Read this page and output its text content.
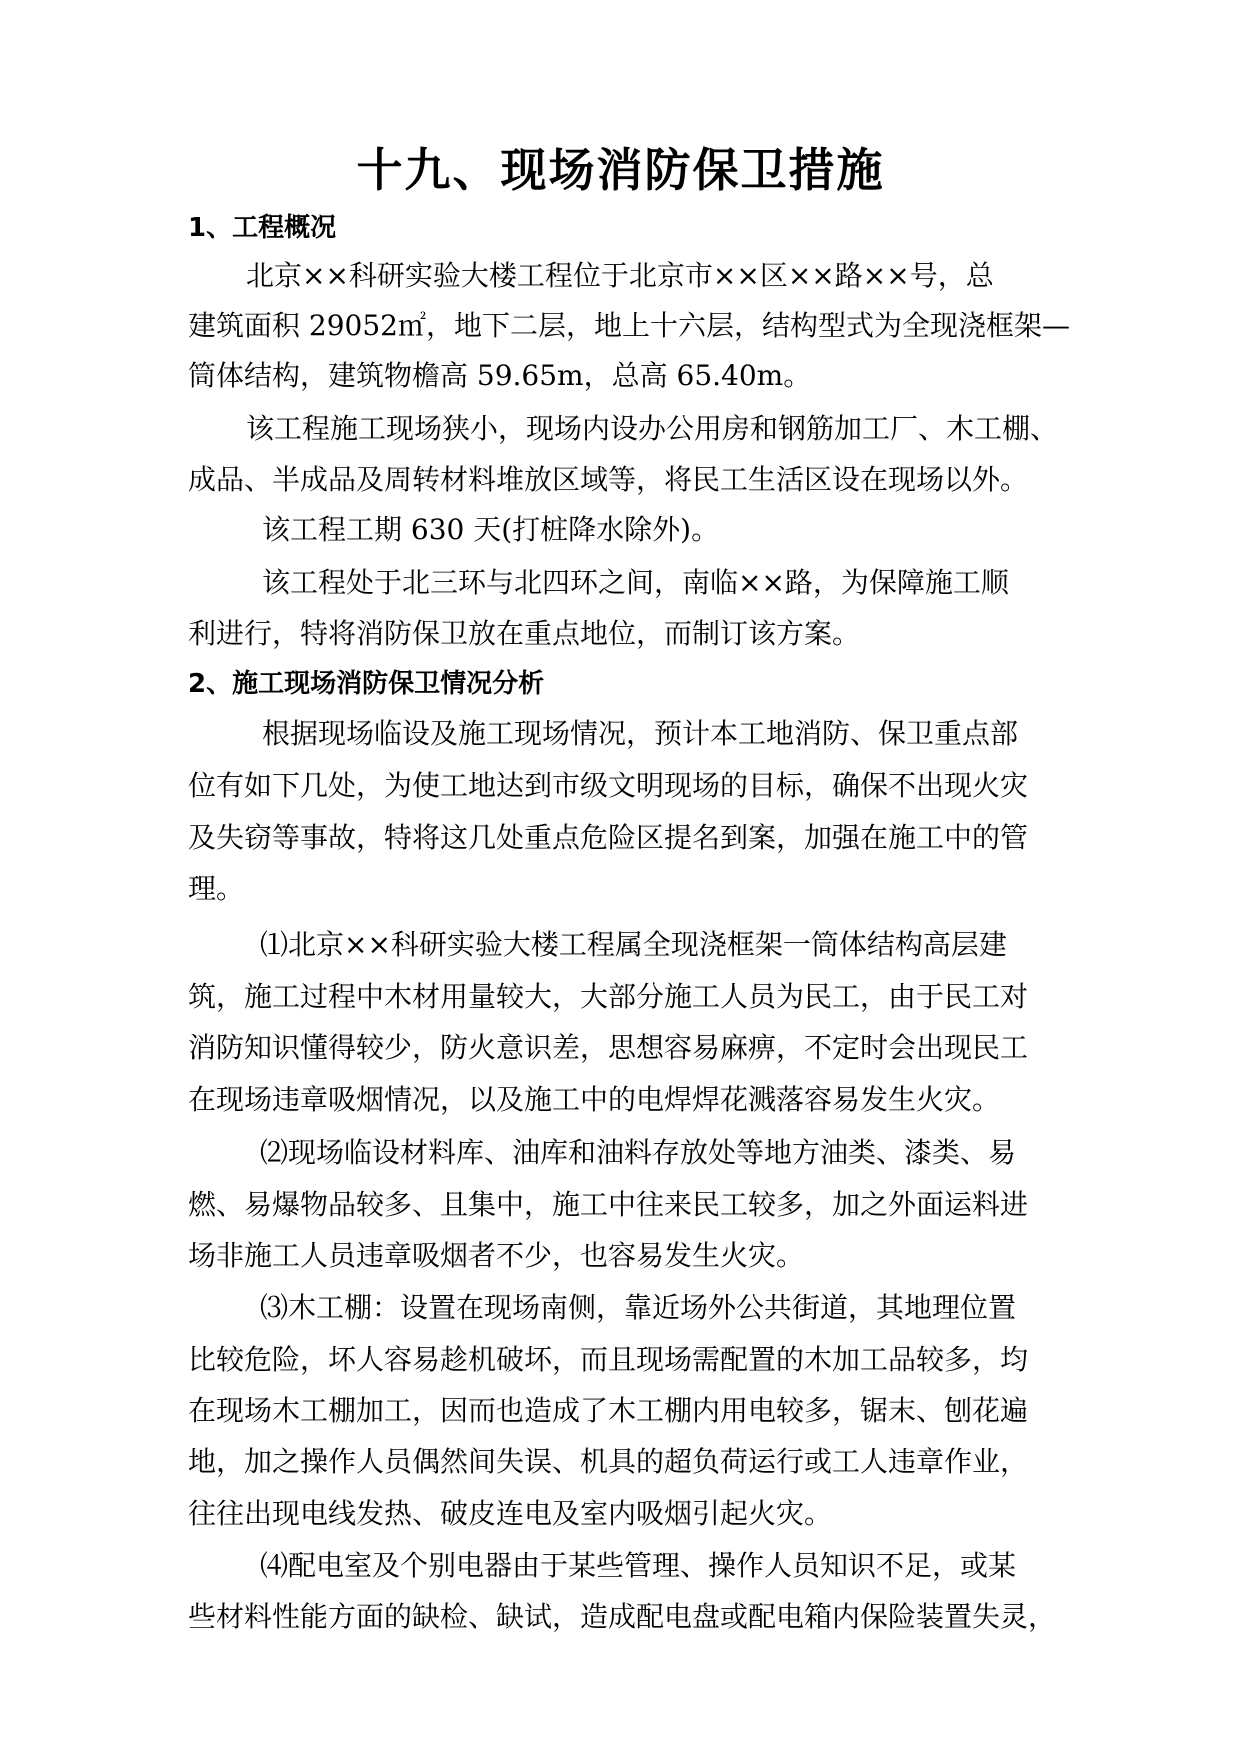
十九、现场消防保卫措施
1、工程概况
北京××科研实验大楼工程位于北京市××区××路××号，总
建筑面积 29052㎡，地下二层，地上十六层，结构型式为全现浇框架—
筒体结构，建筑物檐高 59.65m，总高 65.40m。
该工程施工现场狭小，现场内设办公用房和钢筋加工厂、木工棚、
成品、半成品及周转材料堆放区域等，将民工生活区设在现场以外。
该工程工期 630 天(打桩降水除外)。
该工程处于北三环与北四环之间，南临××路，为保障施工顺
利进行，特将消防保卫放在重点地位，而制订该方案。
2、施工现场消防保卫情况分析
根据现场临设及施工现场情况，预计本工地消防、保卫重点部
位有如下几处，为使工地达到市级文明现场的目标，确保不出现火灾
及失窃等事故，特将这几处重点危险区提名到案，加强在施工中的管
理。
⑴北京××科研实验大楼工程属全现浇框架一筒体结构高层建
筑，施工过程中木材用量较大，大部分施工人员为民工，由于民工对
消防知识懂得较少，防火意识差，思想容易麻痹，不定时会出现民工
在现场违章吸烟情况，以及施工中的电焊焊花溅落容易发生火灾。
⑵现场临设材料库、油库和油料存放处等地方油类、漆类、易
燃、易爆物品较多、且集中，施工中往来民工较多，加之外面运料进
场非施工人员违章吸烟者不少，也容易发生火灾。
⑶木工棚：设置在现场南侧，靠近场外公共街道，其地理位置
比较危险，坏人容易趁机破坏，而且现场需配置的木加工品较多，均
在现场木工棚加工，因而也造成了木工棚内用电较多，锯末、刨花遍
地，加之操作人员偶然间失误、机具的超负荷运行或工人违章作业，
往往出现电线发热、破皮连电及室内吸烟引起火灾。
⑷配电室及个别电器由于某些管理、操作人员知识不足，或某
些材料性能方面的缺检、缺试，造成配电盘或配电箱内保险装置失灵，
